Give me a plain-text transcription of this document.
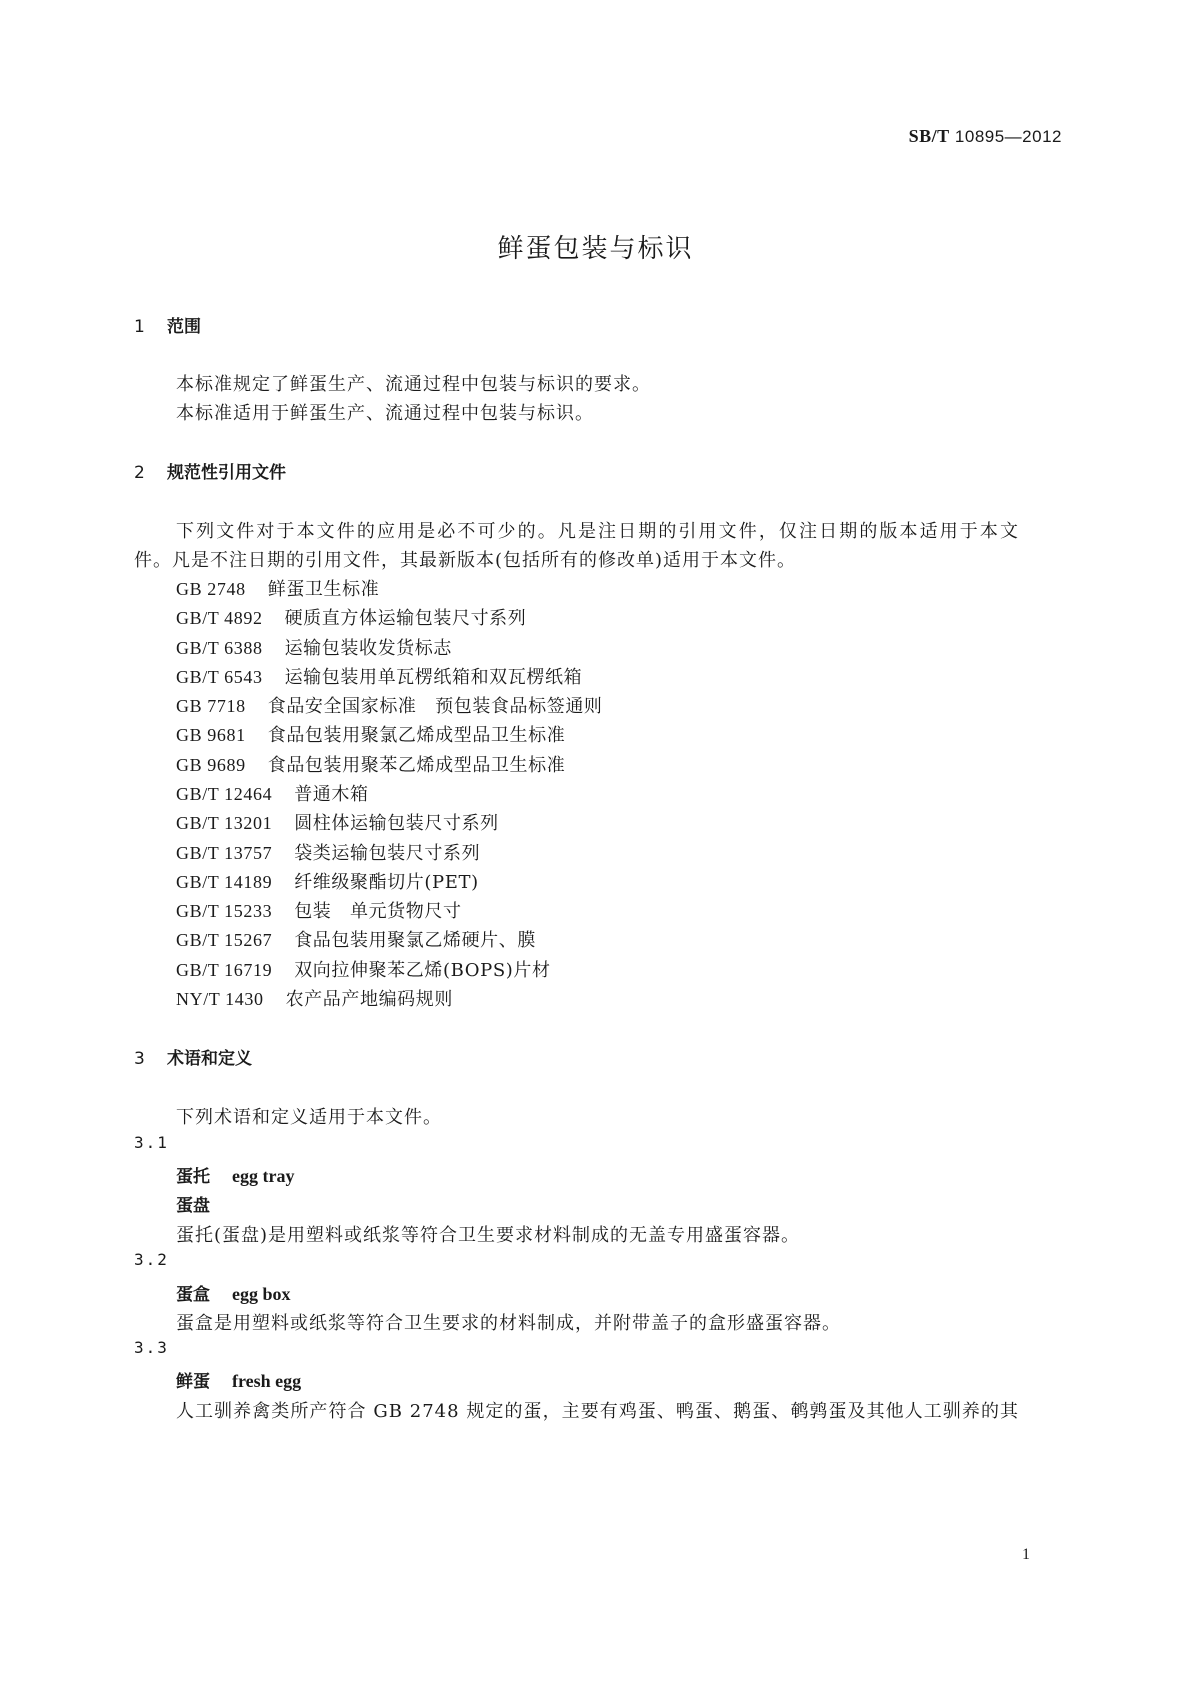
SB/T 10895—2012
鲜蛋包装与标识
1 范围
本标准规定了鲜蛋生产、流通过程中包装与标识的要求。
本标准适用于鲜蛋生产、流通过程中包装与标识。
2 规范性引用文件
下列文件对于本文件的应用是必不可少的。凡是注日期的引用文件，仅注日期的版本适用于本文
件。凡是不注日期的引用文件，其最新版本(包括所有的修改单)适用于本文件。
GB 2748 鲜蛋卫生标准
GB/T 4892 硬质直方体运输包装尺寸系列
GB/T 6388 运输包装收发货标志
GB/T 6543 运输包装用单瓦楞纸箱和双瓦楞纸箱
GB 7718 食品安全国家标准　预包装食品标签通则
GB 9681 食品包装用聚氯乙烯成型品卫生标准
GB 9689 食品包装用聚苯乙烯成型品卫生标准
GB/T 12464 普通木箱
GB/T 13201 圆柱体运输包装尺寸系列
GB/T 13757 袋类运输包装尺寸系列
GB/T 14189 纤维级聚酯切片(PET)
GB/T 15233 包装　单元货物尺寸
GB/T 15267 食品包装用聚氯乙烯硬片、膜
GB/T 16719 双向拉伸聚苯乙烯(BOPS)片材
NY/T 1430 农产品产地编码规则
3 术语和定义
下列术语和定义适用于本文件。
3.1
蛋托 egg tray
蛋盘
蛋托(蛋盘)是用塑料或纸浆等符合卫生要求材料制成的无盖专用盛蛋容器。
3.2
蛋盒 egg box
蛋盒是用塑料或纸浆等符合卫生要求的材料制成，并附带盖子的盒形盛蛋容器。
3.3
鲜蛋 fresh egg
人工驯养禽类所产符合 GB 2748 规定的蛋，主要有鸡蛋、鸭蛋、鹅蛋、鹌鹑蛋及其他人工驯养的其
1
